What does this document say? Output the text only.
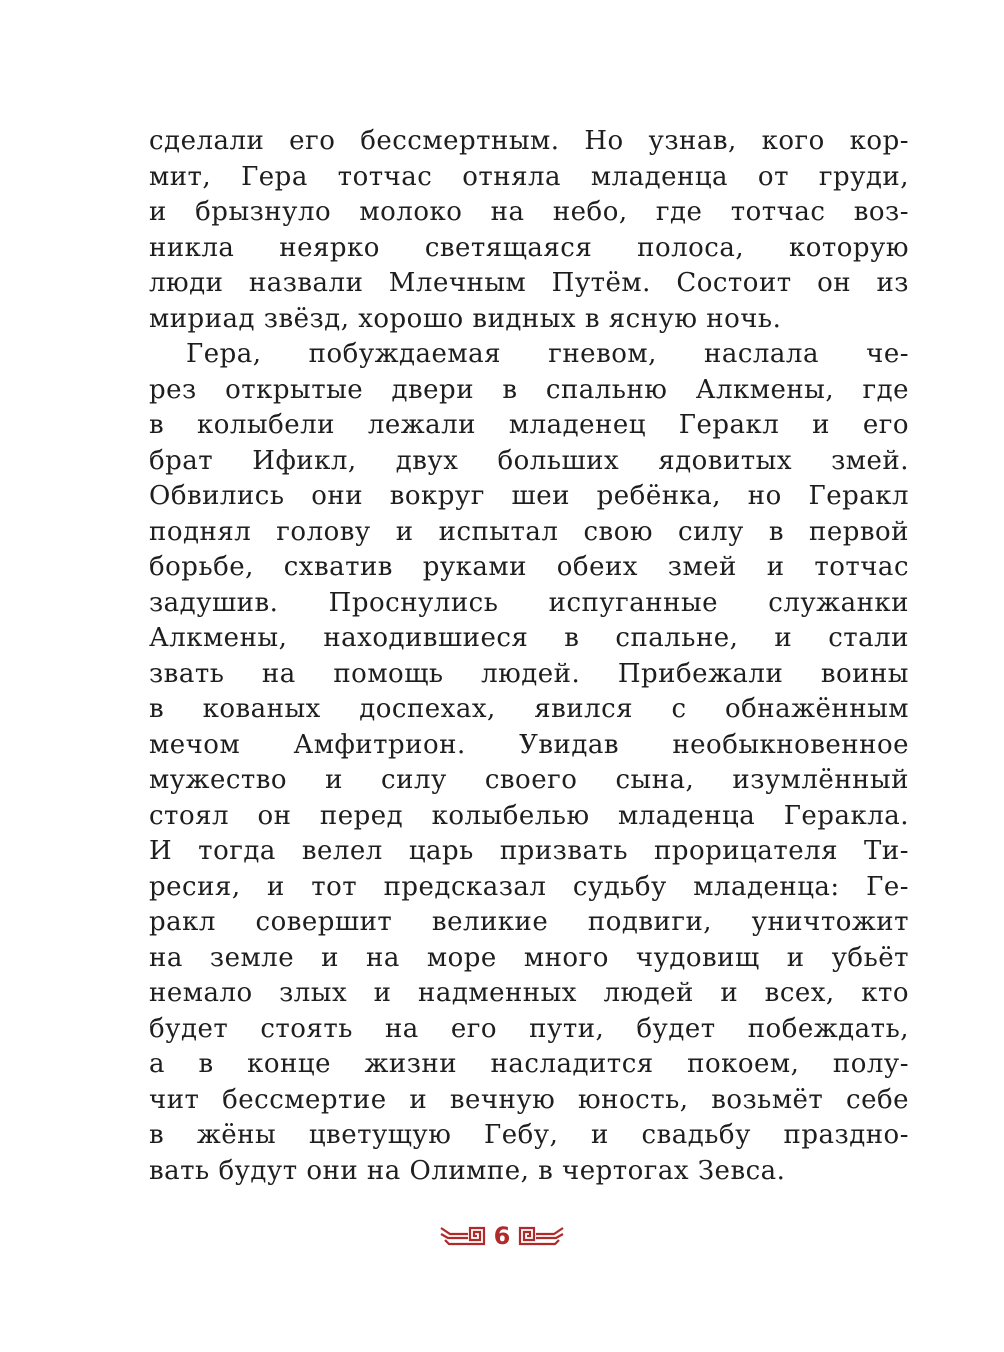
сделали его бессмертным. Но узнав, кого кор-
мит, Гера тотчас отняла младенца от груди,
и брызнуло молоко на небо, где тотчас воз-
никла неярко светящаяся полоса, которую
люди назвали Млечным Путём. Состоит он из
мириад звёзд, хорошо видных в ясную ночь.
Гера, побуждаемая гневом, наслала че-
рез открытые двери в спальню Алкмены, где
в колыбели лежали младенец Геракл и его
брат Ификл, двух больших ядовитых змей.
Обвились они вокруг шеи ребёнка, но Геракл
поднял голову и испытал свою силу в первой
борьбе, схватив руками обеих змей и тотчас
задушив. Проснулись испуганные служанки
Алкмены, находившиеся в спальне, и стали
звать на помощь людей. Прибежали воины
в кованых доспехах, явился с обнажённым
мечом Амфитрион. Увидав необыкновенное
мужество и силу своего сына, изумлённый
стоял он перед колыбелью младенца Геракла.
И тогда велел царь призвать прорицателя Ти-
ресия, и тот предсказал судьбу младенца: Ге-
ракл совершит великие подвиги, уничтожит
на земле и на море много чудовищ и убьёт
немало злых и надменных людей и всех, кто
будет стоять на его пути, будет побеждать,
а в конце жизни насладится покоем, полу-
чит бессмертие и вечную юность, возьмёт себе
в жёны цветущую Гебу, и свадьбу праздно-
вать будут они на Олимпе, в чертогах Зевса.
6
